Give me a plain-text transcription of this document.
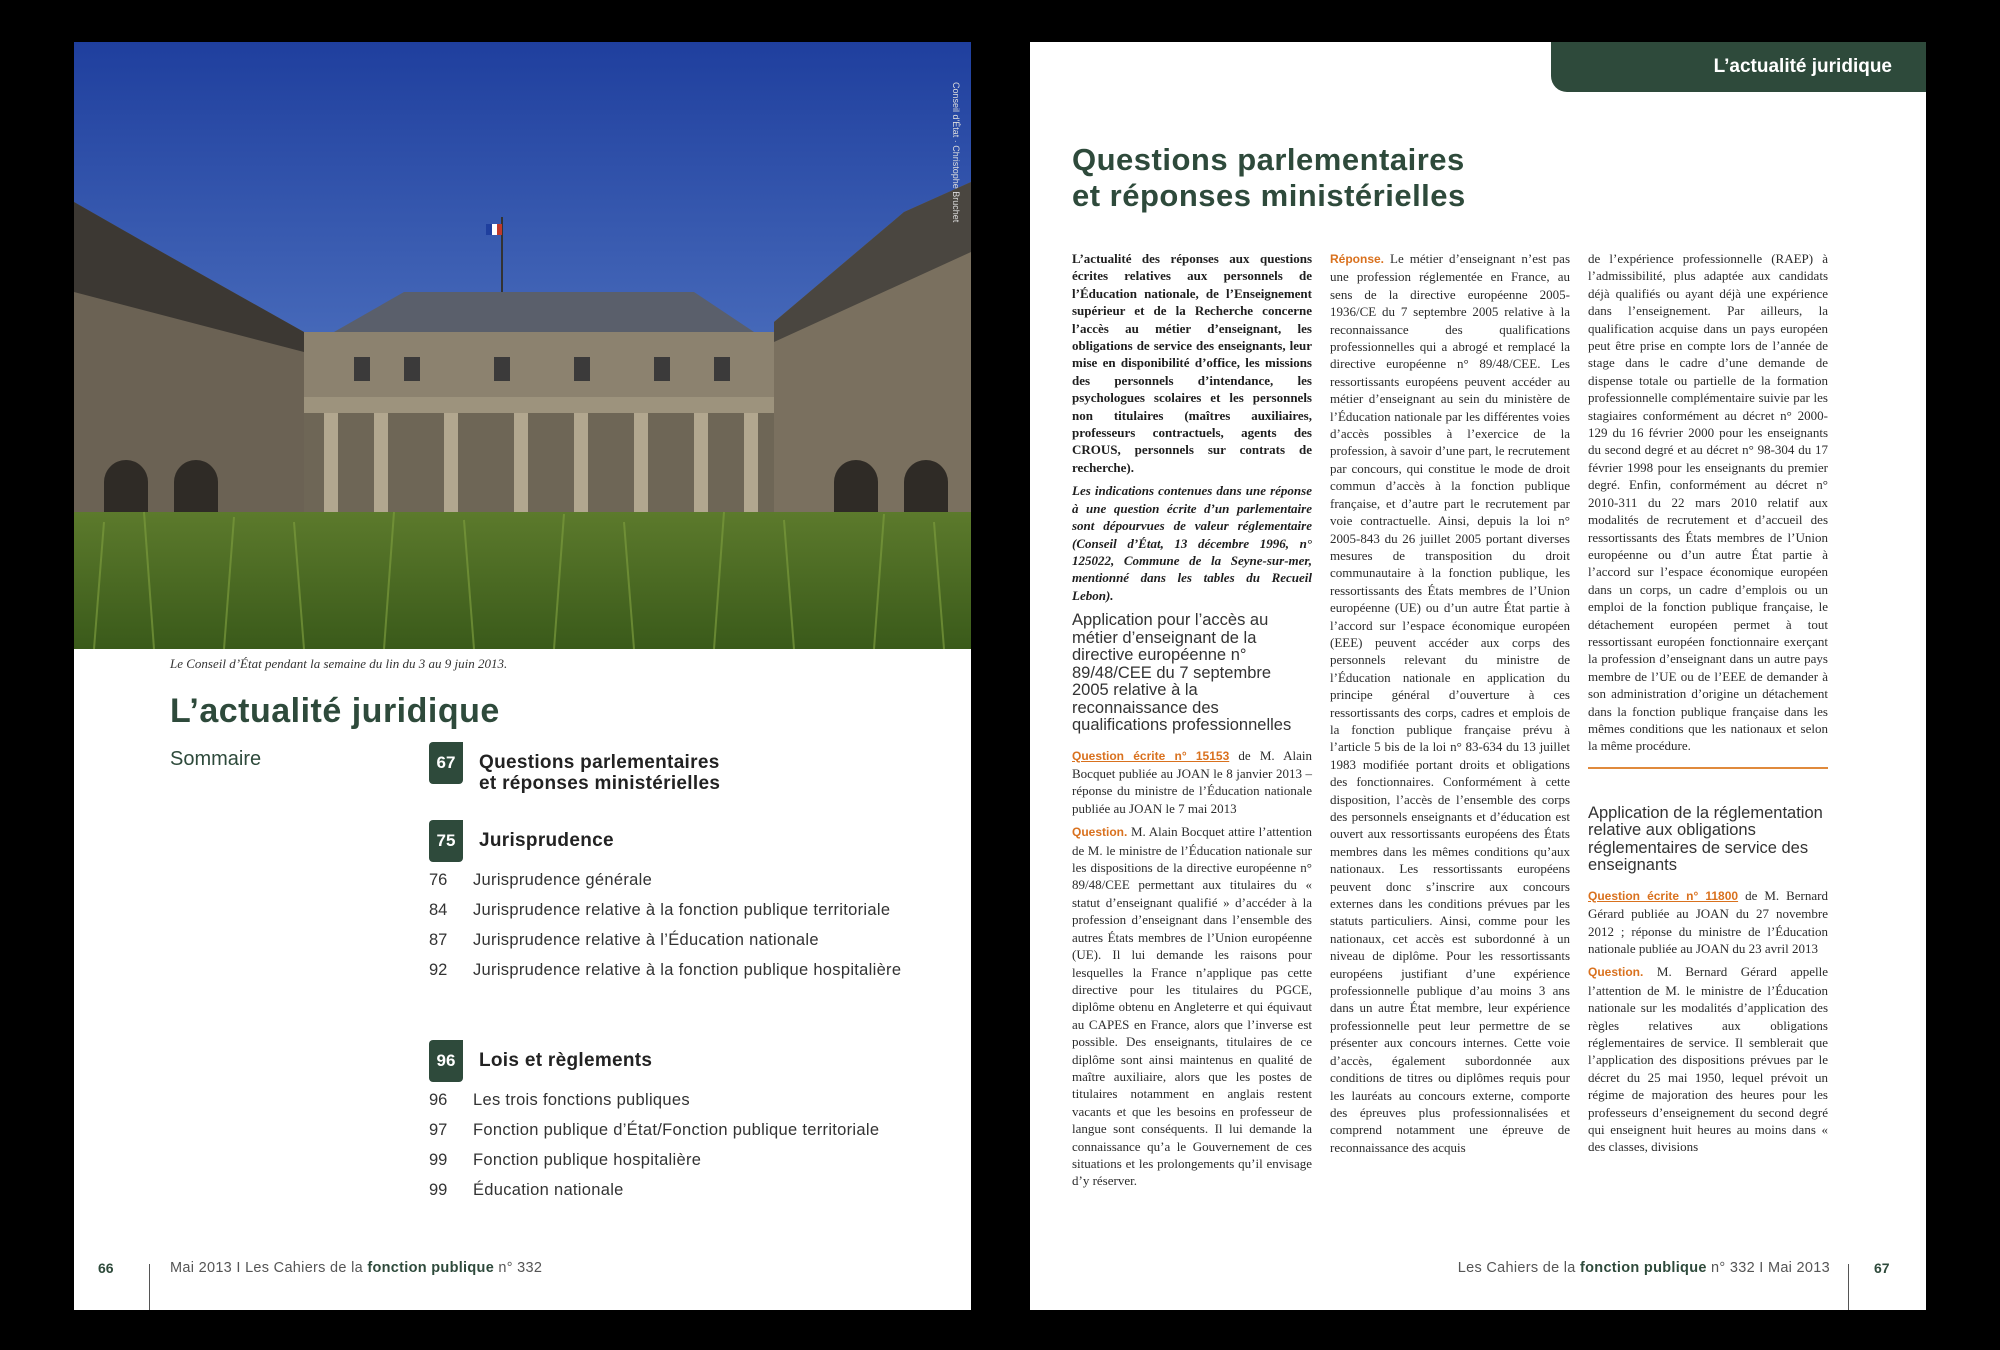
Conseil d'État · Christophe Bruchet
Le Conseil d’État pendant la semaine du lin du 3 au 9 juin 2013.
L’actualité juridique
Sommaire	67	Questions parlementaires
et réponses ministérielles
75	Jurisprudence
76	Jurisprudence générale
84	Jurisprudence relative à la fonction publique territoriale
87	Jurisprudence relative à l’Éducation nationale
92	Jurisprudence relative à la fonction publique hospitalière
96	Lois et règlements
96	Les trois fonctions publiques
97	Fonction publique d’État/Fonction publique territoriale
99	Fonction publique hospitalière
99	Éducation nationale
66	Mai 2013 I Les Cahiers de la fonction publique n° 332
L’actualité juridique
Questions parlementaires
et réponses ministérielles

L’actualité des réponses aux questions écrites relatives aux personnels de l’Éducation nationale, de l’Enseignement supérieur et de la Recherche concerne l’accès au métier d’enseignant, les obligations de service des enseignants, leur mise en disponibilité d’office, les missions des personnels d’intendance, les psychologues scolaires et les personnels non titulaires (maîtres auxiliaires, professeurs contractuels, agents des CROUS, personnels sur contrats de recherche).

Les indications contenues dans une réponse à une question écrite d’un parlementaire sont dépourvues de valeur réglementaire (Conseil d’État, 13 décembre 1996, n° 125022, Commune de la Seyne-sur-mer, mentionné dans les tables du Recueil Lebon).

Application pour l’accès au métier d’enseignant de la directive européenne n° 89/48/CEE du 7 septembre 2005 relative à la reconnaissance des qualifications professionnelles

Question écrite n° 15153 de M. Alain Bocquet publiée au JOAN le 8 janvier 2013 – réponse du ministre de l’Éducation nationale publiée au JOAN le 7 mai 2013

Question. M. Alain Bocquet attire l’attention de M. le ministre de l’Éducation nationale sur les dispositions de la directive européenne n° 89/48/CEE permettant aux titulaires du « statut d’enseignant qualifié » d’accéder à la profession d’enseignant dans l’ensemble des autres États membres de l’Union européenne (UE). Il lui demande les raisons pour lesquelles la France n’applique pas cette directive pour les titulaires du PGCE, diplôme obtenu en Angleterre et qui équivaut au CAPES en France, alors que l’inverse est possible. Des enseignants, titulaires de ce diplôme sont ainsi maintenus en qualité de maître auxiliaire, alors que les postes de titulaires notamment en anglais restent vacants et que les besoins en professeur de langue sont conséquents. Il lui demande la connaissance qu’a le Gouvernement de ces situations et les prolongements qu’il envisage d’y réserver.

Réponse. Le métier d’enseignant n’est pas une profession réglementée en France, au sens de la directive européenne 2005-1936/CE du 7 septembre 2005 relative à la reconnaissance des qualifications professionnelles qui a abrogé et remplacé la directive européenne n° 89/48/CEE. Les ressortissants européens peuvent accéder au métier d’enseignant au sein du ministère de l’Éducation nationale par les différentes voies d’accès possibles à l’exercice de la profession, à savoir d’une part, le recrutement par concours, qui constitue le mode de droit commun d’accès à la fonction publique française, et d’autre part le recrutement par voie contractuelle. Ainsi, depuis la loi n° 2005-843 du 26 juillet 2005 portant diverses mesures de transposition du droit communautaire à la fonction publique, les ressortissants des États membres de l’Union européenne (UE) ou d’un autre État partie à l’accord sur l’espace économique européen (EEE) peuvent accéder aux corps des personnels relevant du ministre de l’Éducation nationale en application du principe général d’ouverture à ces ressortissants des corps, cadres et emplois de la fonction publique française prévu à l’article 5 bis de la loi n° 83-634 du 13 juillet 1983 modifiée portant droits et obligations des fonctionnaires. Conformément à cette disposition, l’accès de l’ensemble des corps des personnels enseignants et d’éducation est ouvert aux ressortissants européens des États membres dans les mêmes conditions qu’aux nationaux. Les ressortissants européens peuvent donc s’inscrire aux concours externes dans les conditions prévues par les statuts particuliers. Ainsi, comme pour les nationaux, cet accès est subordonné à un niveau de diplôme. Pour les ressortissants européens justifiant d’une expérience professionnelle publique d’au moins 3 ans dans un autre État membre, leur expérience professionnelle peut leur permettre de se présenter aux concours internes. Cette voie d’accès, également subordonnée aux conditions de titres ou diplômes requis pour les lauréats au concours externe, comporte des épreuves plus professionnalisées et comprend notamment une épreuve de reconnaissance des acquis

de l’expérience professionnelle (RAEP) à l’admissibilité, plus adaptée aux candidats déjà qualifiés ou ayant déjà une expérience dans l’enseignement. Par ailleurs, la qualification acquise dans un pays européen peut être prise en compte lors de l’année de stage dans le cadre d’une demande de dispense totale ou partielle de la formation professionnelle complémentaire suivie par les stagiaires conformément au décret n° 2000-129 du 16 février 2000 pour les enseignants du second degré et au décret n° 98-304 du 17 février 1998 pour les enseignants du premier degré. Enfin, conformément au décret n° 2010-311 du 22 mars 2010 relatif aux modalités de recrutement et d’accueil des ressortissants des États membres de l’Union européenne ou d’un autre État partie à l’accord sur l’espace économique européen dans un corps, un cadre d’emplois ou un emploi de la fonction publique française, le détachement européen permet à tout ressortissant européen fonctionnaire exerçant la profession d’enseignant dans un autre pays membre de l’UE ou de l’EEE de demander à son administration d’origine un détachement dans la fonction publique française dans les mêmes conditions que les nationaux et selon la même procédure.

Application de la réglementation relative aux obligations réglementaires de service des enseignants

Question écrite n° 11800 de M. Bernard Gérard publiée au JOAN du 27 novembre 2012 ; réponse du ministre de l’Éducation nationale publiée au JOAN du 23 avril 2013

Question. M. Bernard Gérard appelle l’attention de M. le ministre de l’Éducation nationale sur les modalités d’application des règles relatives aux obligations réglementaires de service. Il semblerait que l’application des dispositions prévues par le décret du 25 mai 1950, lequel prévoit un régime de majoration des heures pour les professeurs d’enseignement du second degré qui enseignent huit heures au moins dans « des classes, divisions

Les Cahiers de la fonction publique n° 332 I Mai 2013	67
